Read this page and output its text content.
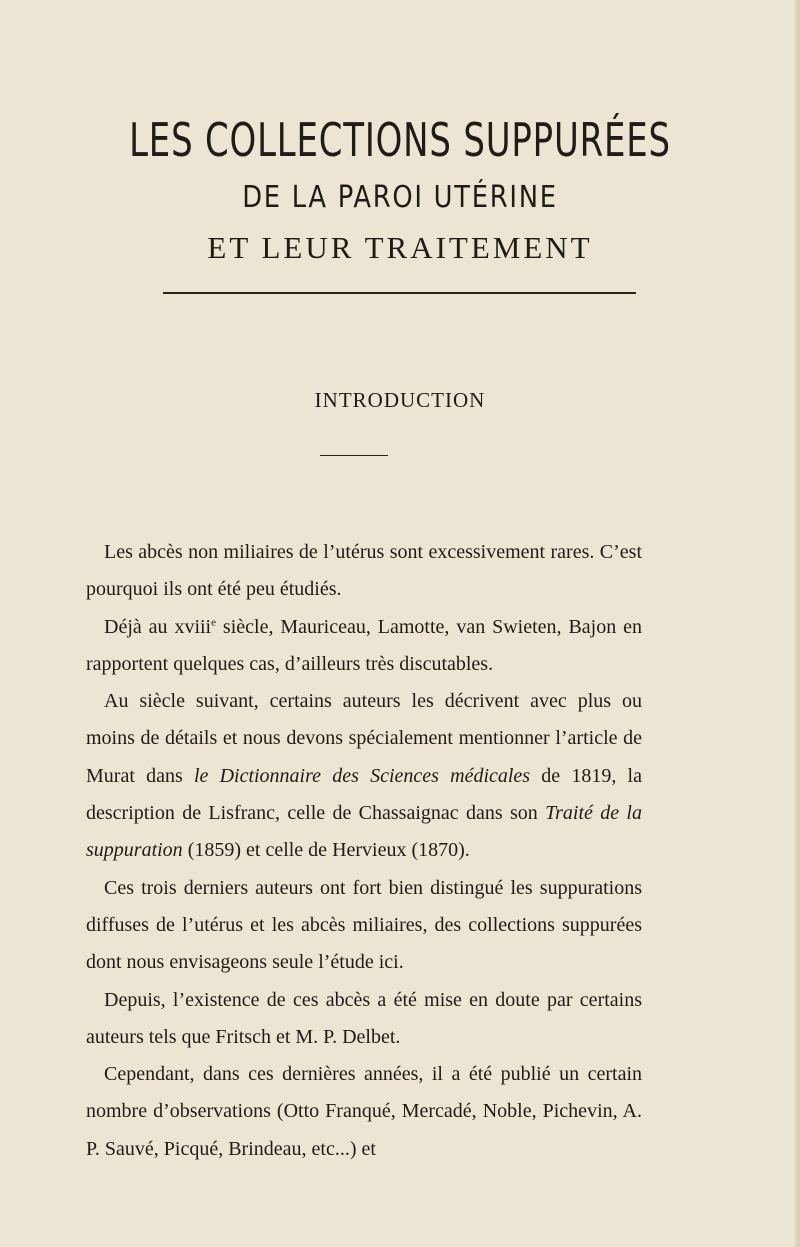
LES COLLECTIONS SUPPURÉES
DE LA PAROI UTÉRINE
ET LEUR TRAITEMENT
INTRODUCTION

Les abcès non miliaires de l’utérus sont excessivement rares. C’est pourquoi ils ont été peu étudiés.

Déjà au xviii$^e$ siècle, Mauriceau, Lamotte, van Swieten, Bajon en rapportent quelques cas, d’ailleurs très discutables.

Au siècle suivant, certains auteurs les décrivent avec plus ou moins de détails et nous devons spécialement mentionner l’article de Murat dans le Dictionnaire des Sciences médicales de 1819, la description de Lisfranc, celle de Chassaignac dans son Traité de la suppuration (1859) et celle de Hervieux (1870).

Ces trois derniers auteurs ont fort bien distingué les suppurations diffuses de l’utérus et les abcès miliaires, des collections suppurées dont nous envisageons seule l’étude ici.

Depuis, l’existence de ces abcès a été mise en doute par certains auteurs tels que Fritsch et M. P. Delbet.

Cependant, dans ces dernières années, il a été publié un certain nombre d’observations (Otto Franqué, Mercadé, Noble, Pichevin, A. P. Sauvé, Picqué, Brindeau, etc...) et
